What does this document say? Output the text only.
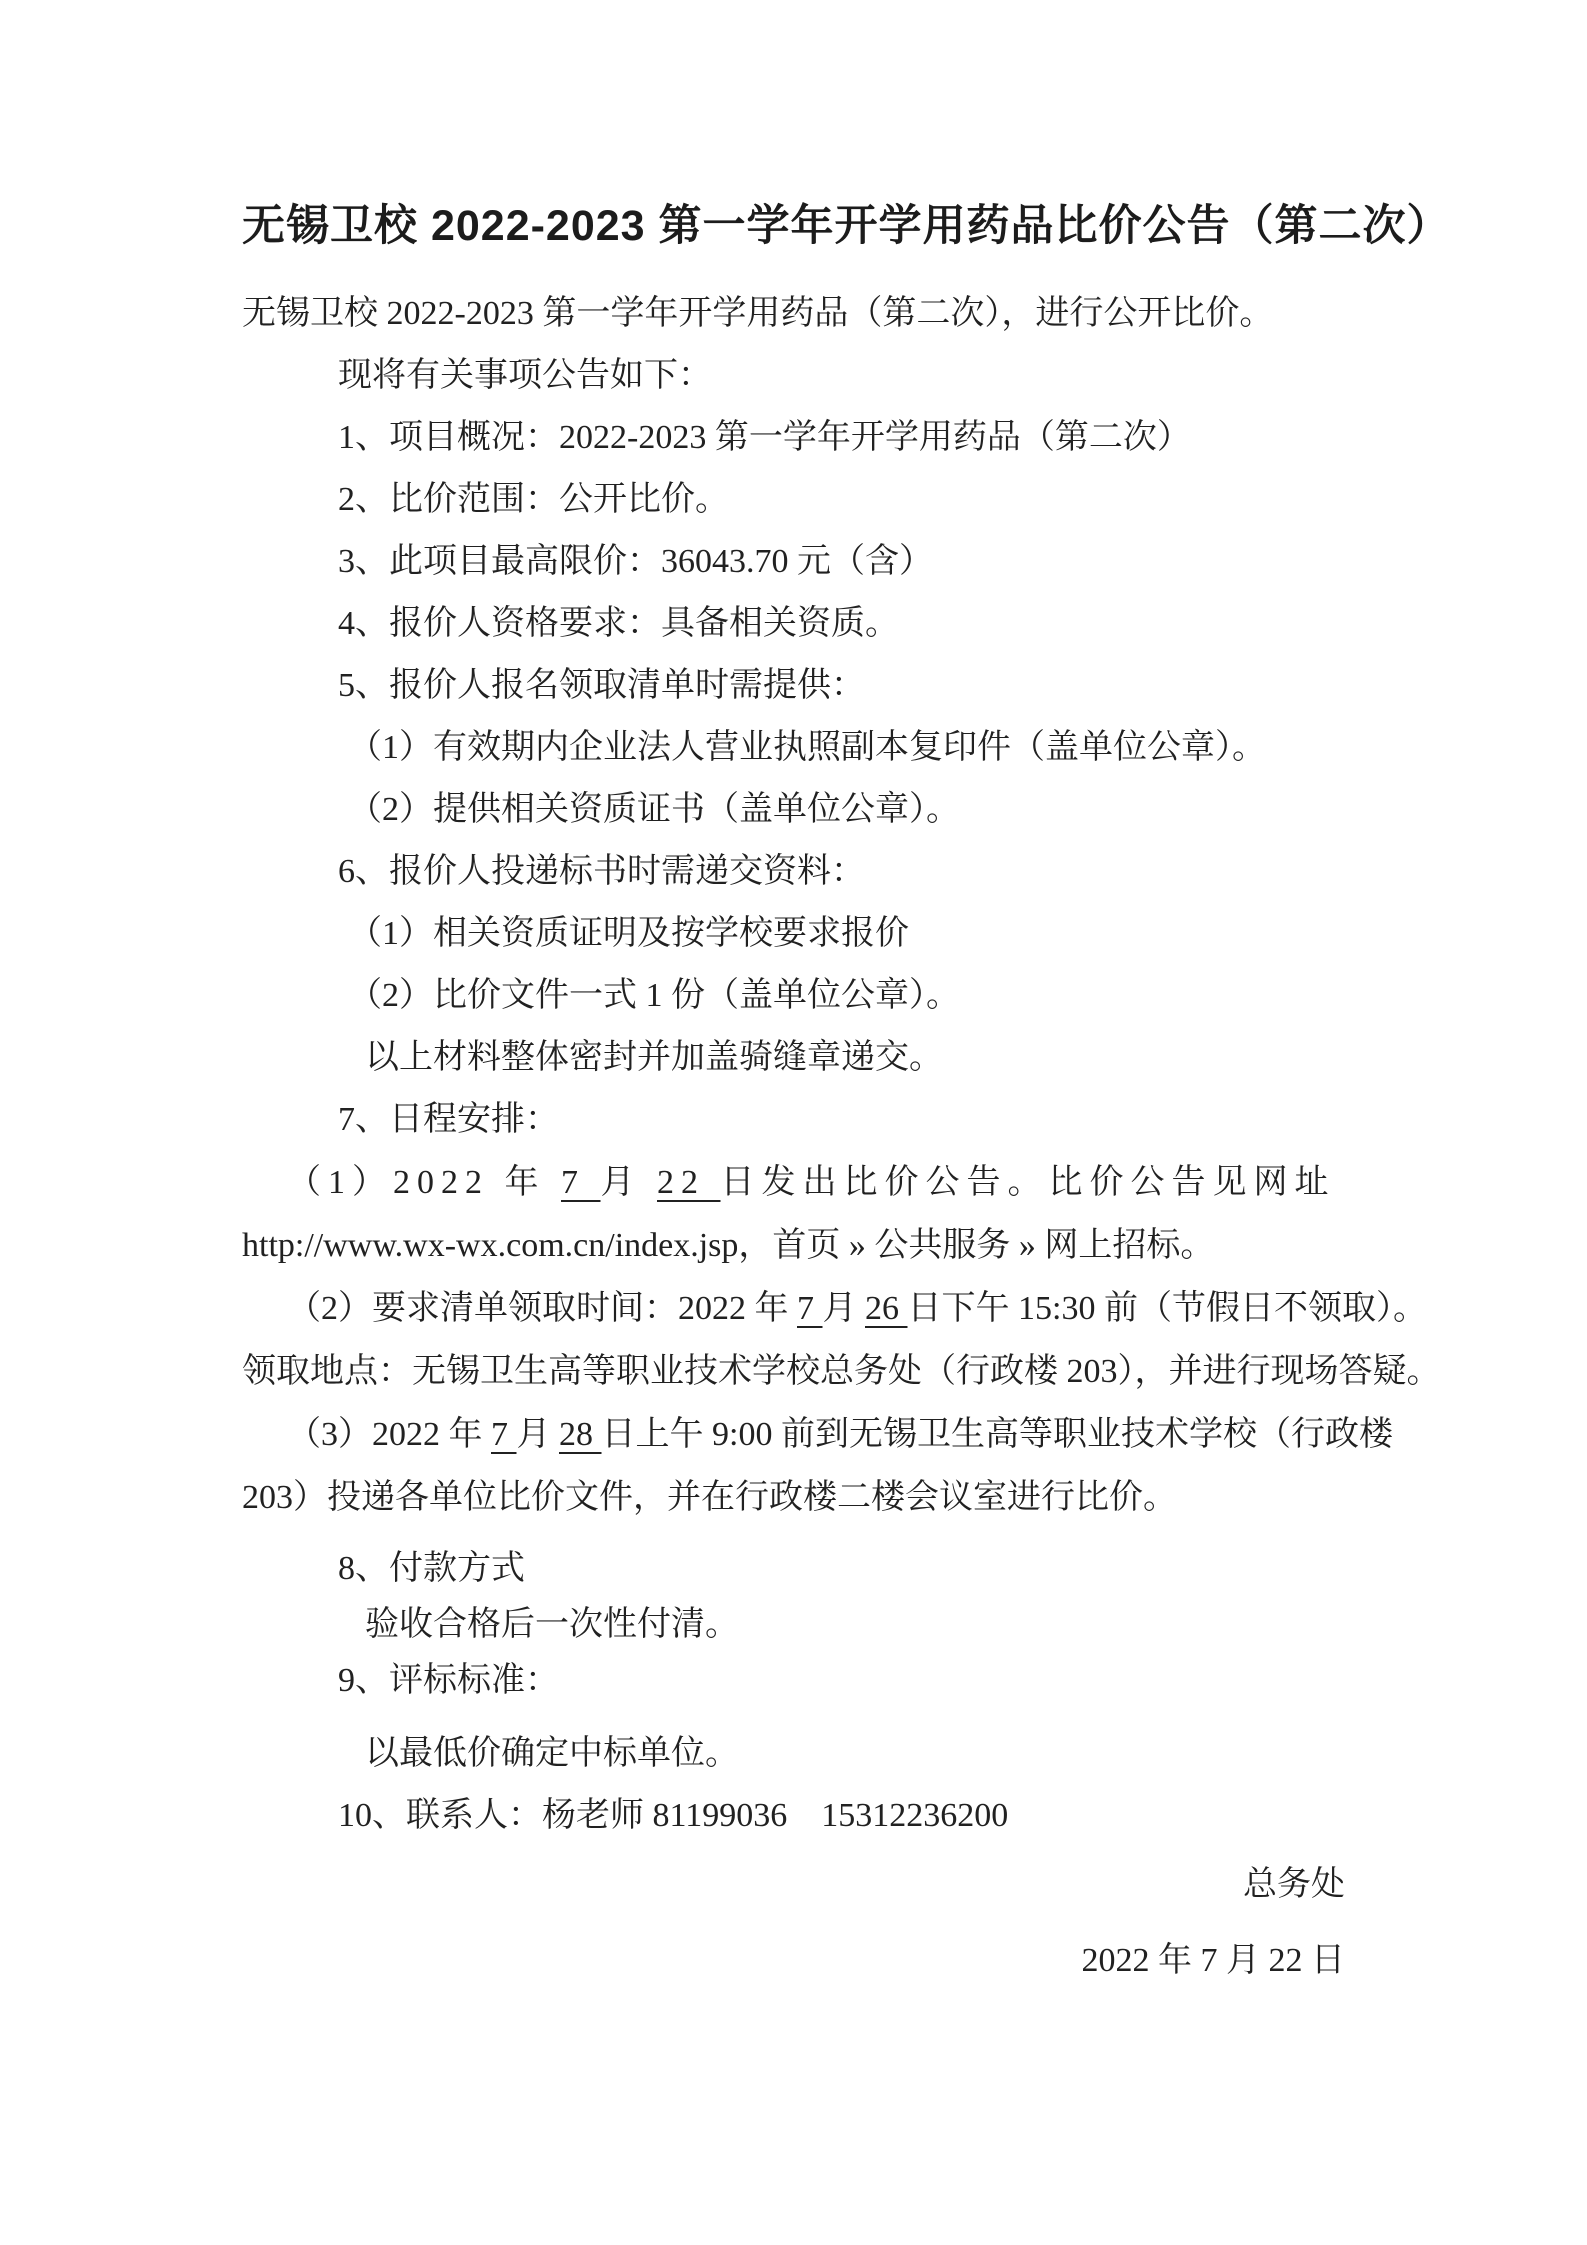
无锡卫校 2022-2023 第一学年开学用药品比价公告（第二次）
无锡卫校 2022-2023 第一学年开学用药品（第二次），进行公开比价。
现将有关事项公告如下：
1、项目概况：2022-2023 第一学年开学用药品（第二次）
2、比价范围：公开比价。
3、此项目最高限价：36043.70 元（含）
4、报价人资格要求：具备相关资质。
5、报价人报名领取清单时需提供：
（1）有效期内企业法人营业执照副本复印件（盖单位公章）。
（2）提供相关资质证书（盖单位公章）。
6、报价人投递标书时需递交资料：
（1）相关资质证明及按学校要求报价
（2）比价文件一式 1 份（盖单位公章）。
以上材料整体密封并加盖骑缝章递交。
7、日程安排：
（1）2022 年 7 月 22 日发出比价公告。比价公告见网址
http://www.wx-wx.com.cn/index.jsp，首页 » 公共服务 » 网上招标。
（2）要求清单领取时间：2022 年 7 月 26 日下午 15:30 前（节假日不领取）。
领取地点：无锡卫生高等职业技术学校总务处（行政楼 203），并进行现场答疑。
（3）2022 年 7 月 28 日上午 9:00 前到无锡卫生高等职业技术学校（行政楼
203）投递各单位比价文件，并在行政楼二楼会议室进行比价。
8、付款方式
验收合格后一次性付清。
9、评标标准：
以最低价确定中标单位。
10、联系人：杨老师 81199036　15312236200
总务处
2022 年 7 月 22 日
